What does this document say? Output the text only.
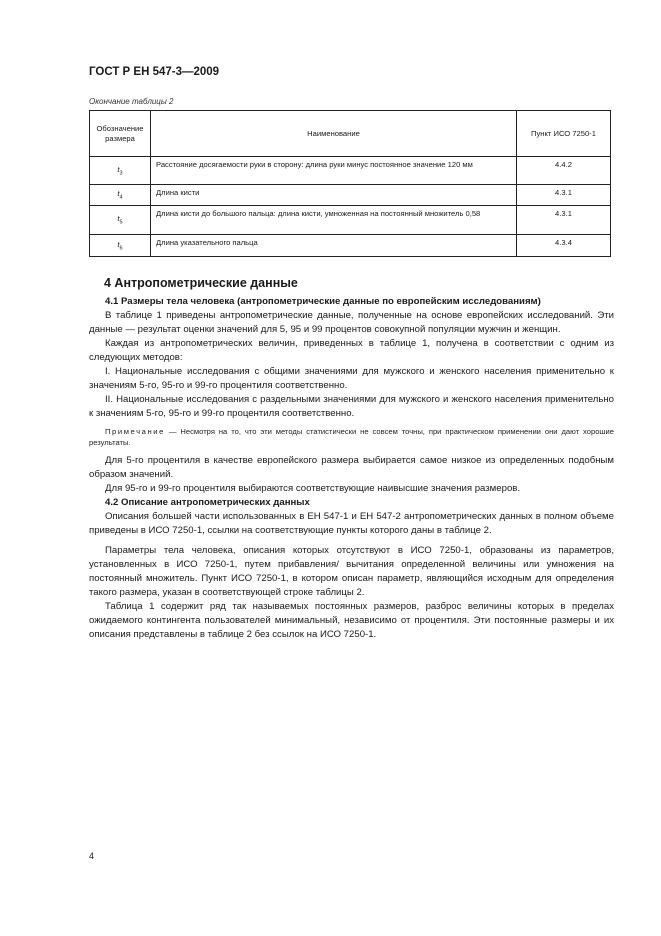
ГОСТ Р ЕН 547-3—2009
Окончание таблицы 2
Обозначение размера	Наименование	Пункт ИСО 7250-1
$t_3$	Расстояние досягаемости руки в сторону: длина руки минус постоянное значение 120 мм	4.4.2
$t_4$	Длина кисти	4.3.1
$t_5$	Длина кисти до большого пальца: длина кисти, умноженная на постоянный множитель 0,58	4.3.1
$t_6$	Длина указательного пальца	4.3.4
4 Антропометрические данные

4.1 Размеры тела человека (антропометрические данные по европейским исследованиям)

В таблице 1 приведены антропометрические данные, полученные на основе европейских исследований. Эти данные — результат оценки значений для 5, 95 и 99 процентов совокупной популяции мужчин и женщин.

Каждая из антропометрических величин, приведенных в таблице 1, получена в соответствии с одним из следующих методов:

I. Национальные исследования с общими значениями для мужского и женского населения применительно к значениям 5-го, 95-го и 99-го процентиля соответственно.

II. Национальные исследования с раздельными значениями для мужского и женского населения применительно к значениям 5-го, 95-го и 99-го процентиля соответственно.

Примечание — Несмотря на то, что эти методы статистически не совсем точны, при практическом применении они дают хорошие результаты.

Для 5-го процентиля в качестве европейского размера выбирается самое низкое из определенных подобным образом значений.

Для 95-го и 99-го процентиля выбираются соответствующие наивысшие значения размеров.

4.2 Описание антропометрических данных

Описания большей части использованных в ЕН 547-1 и ЕН 547-2 антропометрических данных в полном объеме приведены в ИСО 7250-1, ссылки на соответствующие пункты которого даны в таблице 2.

Параметры тела человека, описания которых отсутствуют в ИСО 7250-1, образованы из параметров, установленных в ИСО 7250-1, путем прибавления/ вычитания определенной величины или умножения на постоянный множитель. Пункт ИСО 7250-1, в котором описан параметр, являющийся исходным для определения такого размера, указан в соответствующей строке таблицы 2.

Таблица 1 содержит ряд так называемых постоянных размеров, разброс величины которых в пределах ожидаемого контингента пользователей минимальный, независимо от процентиля. Эти постоянные размеры и их описания представлены в таблице 2 без ссылок на ИСО 7250-1.

4
